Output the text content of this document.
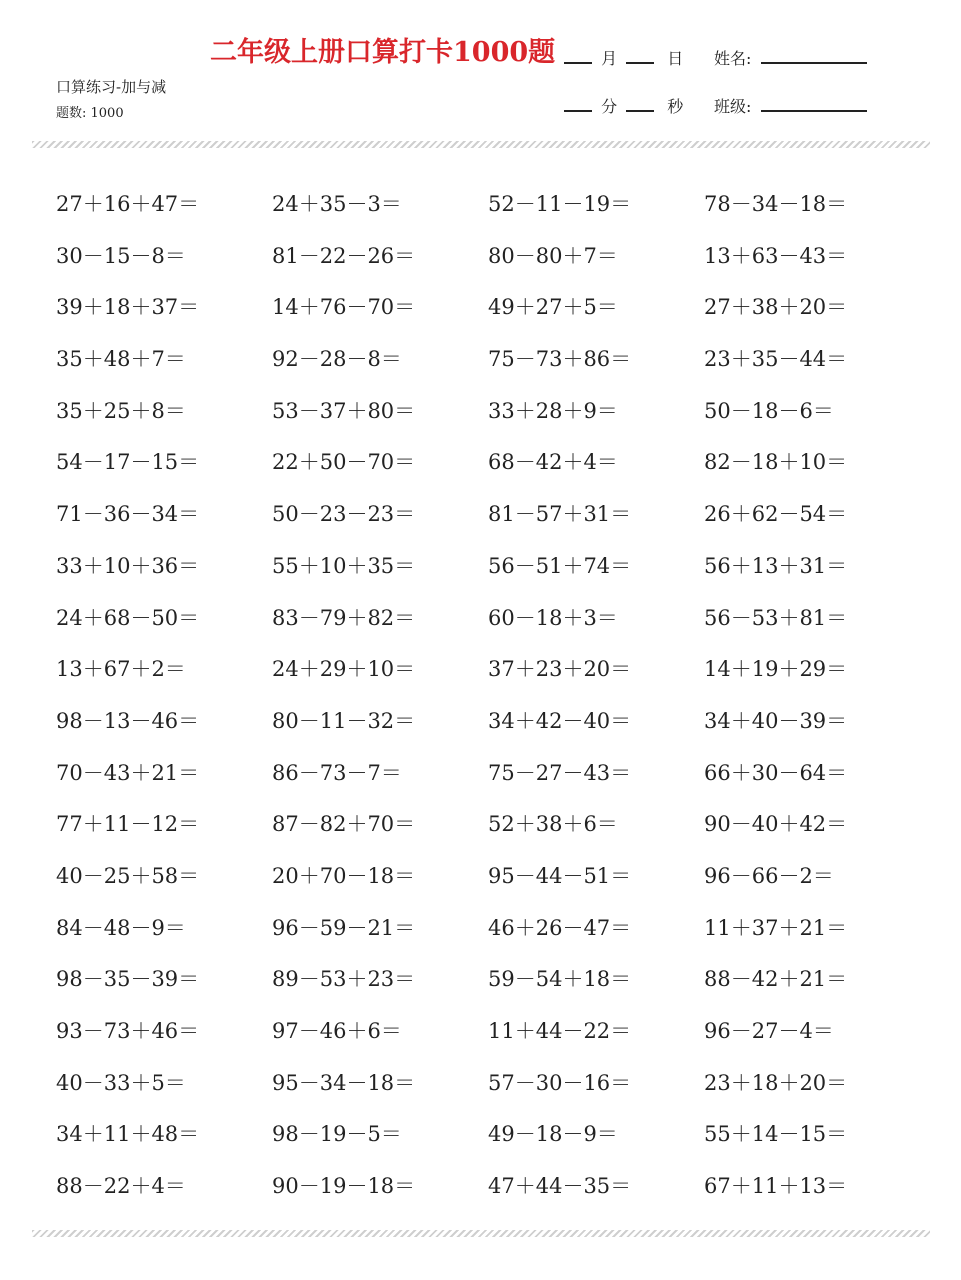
二年级上册口算打卡1000题	月	日 姓名:
口算练习-加与减
题数: 1000	分	秒 班级:
27＋16＋47＝	24＋35－3＝	52－11－19＝	78－34－18＝
30－15－8＝	81－22－26＝	80－80＋7＝	13＋63－43＝
39＋18＋37＝	14＋76－70＝	49＋27＋5＝	27＋38＋20＝
35＋48＋7＝	92－28－8＝	75－73＋86＝	23＋35－44＝
35＋25＋8＝	53－37＋80＝	33＋28＋9＝	50－18－6＝
54－17－15＝	22＋50－70＝	68－42＋4＝	82－18＋10＝
71－36－34＝	50－23－23＝	81－57＋31＝	26＋62－54＝
33＋10＋36＝	55＋10＋35＝	56－51＋74＝	56＋13＋31＝
24＋68－50＝	83－79＋82＝	60－18＋3＝	56－53＋81＝
13＋67＋2＝	24＋29＋10＝	37＋23＋20＝	14＋19＋29＝
98－13－46＝	80－11－32＝	34＋42－40＝	34＋40－39＝
70－43＋21＝	86－73－7＝	75－27－43＝	66＋30－64＝
77＋11－12＝	87－82＋70＝	52＋38＋6＝	90－40＋42＝
40－25＋58＝	20＋70－18＝	95－44－51＝	96－66－2＝
84－48－9＝	96－59－21＝	46＋26－47＝	11＋37＋21＝
98－35－39＝	89－53＋23＝	59－54＋18＝	88－42＋21＝
93－73＋46＝	97－46＋6＝	11＋44－22＝	96－27－4＝
40－33＋5＝	95－34－18＝	57－30－16＝	23＋18＋20＝
34＋11＋48＝	98－19－5＝	49－18－9＝	55＋14－15＝
88－22＋4＝	90－19－18＝	47＋44－35＝	67＋11＋13＝
